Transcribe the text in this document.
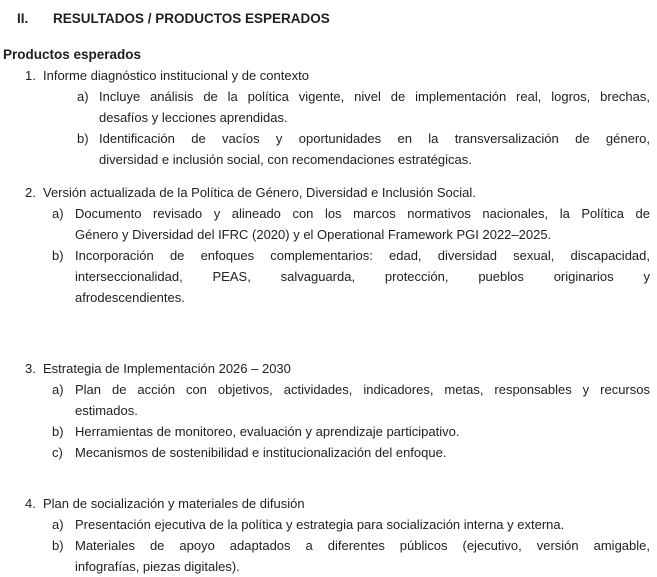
II. RESULTADOS / PRODUCTOS ESPERADOS
Productos esperados
1. Informe diagnóstico institucional y de contexto
a) Incluye análisis de la política vigente, nivel de implementación real, logros, brechas,
desafíos y lecciones aprendidas.
b) Identificación de vacíos y oportunidades en la transversalización de género,
diversidad e inclusión social, con recomendaciones estratégicas.
2. Versión actualizada de la Política de Género, Diversidad e Inclusión Social.
a) Documento revisado y alineado con los marcos normativos nacionales, la Política de
Género y Diversidad del IFRC (2020) y el Operational Framework PGI 2022–2025.
b) Incorporación de enfoques complementarios: edad, diversidad sexual, discapacidad,
interseccionalidad, PEAS, salvaguarda, protección, pueblos originarios y
afrodescendientes.
3. Estrategia de Implementación 2026 – 2030
a) Plan de acción con objetivos, actividades, indicadores, metas, responsables y recursos
estimados.
b) Herramientas de monitoreo, evaluación y aprendizaje participativo.
c) Mecanismos de sostenibilidad e institucionalización del enfoque.
4. Plan de socialización y materiales de difusión
a) Presentación ejecutiva de la política y estrategia para socialización interna y externa.
b) Materiales de apoyo adaptados a diferentes públicos (ejecutivo, versión amigable,
infografías, piezas digitales).
